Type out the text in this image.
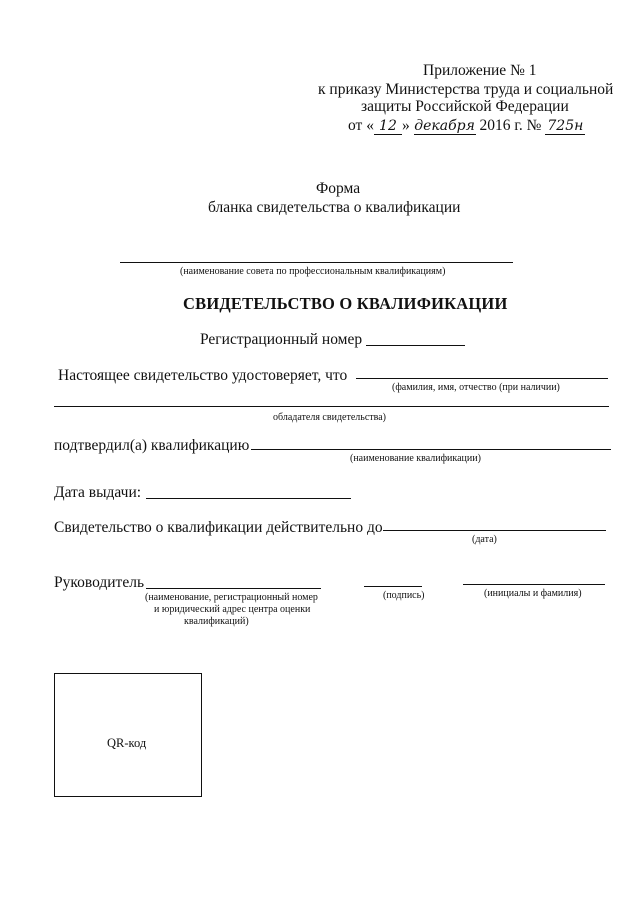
Приложение № 1
к приказу Министерства труда и социальной
защиты Российской Федерации
от « 12 » декабря 2016 г. № 725н
Форма
бланка свидетельства о квалификации
(наименование совета по профессиональным квалификациям)
СВИДЕТЕЛЬСТВО О КВАЛИФИКАЦИИ
Регистрационный номер
Настоящее свидетельство удостоверяет, что
(фамилия, имя, отчество (при наличии)
обладателя свидетельства)
подтвердил(а) квалификацию
(наименование квалификации)
Дата выдачи:
Свидетельство о квалификации действительно до
(дата)
Руководитель
(наименование, регистрационный номер
и юридический адрес центра оценки
квалификаций)
(подпись)	(инициалы и фамилия)
QR-код
